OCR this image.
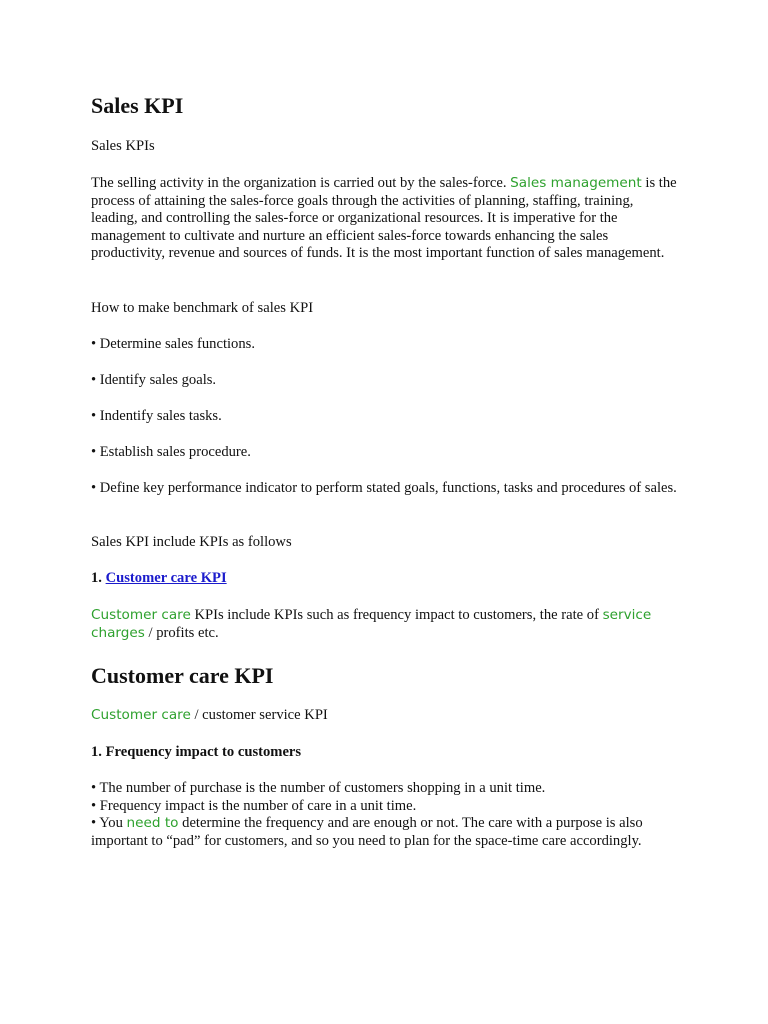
Sales KPI

Sales KPIs

The selling activity in the organization is carried out by the sales-force. Sales management is the process of attaining the sales-force goals through the activities of planning, staffing, training, leading, and controlling the sales-force or organizational resources. It is imperative for the management to cultivate and nurture an efficient sales-force towards enhancing the sales productivity, revenue and sources of funds. It is the most important function of sales management.

How to make benchmark of sales KPI

• Determine sales functions.

• Identify sales goals.

• Indentify sales tasks.

• Establish sales procedure.

• Define key performance indicator to perform stated goals, functions, tasks and procedures of sales.

Sales KPI include KPIs as follows

1. Customer care KPI

Customer care KPIs include KPIs such as frequency impact to customers, the rate of service charges / profits etc.

Customer care KPI

Customer care / customer service KPI

1. Frequency impact to customers

• The number of purchase is the number of customers shopping in a unit time.
• Frequency impact is the number of care in a unit time.
• You need to determine the frequency and are enough or not. The care with a purpose is also important to “pad” for customers, and so you need to plan for the space-time care accordingly.
